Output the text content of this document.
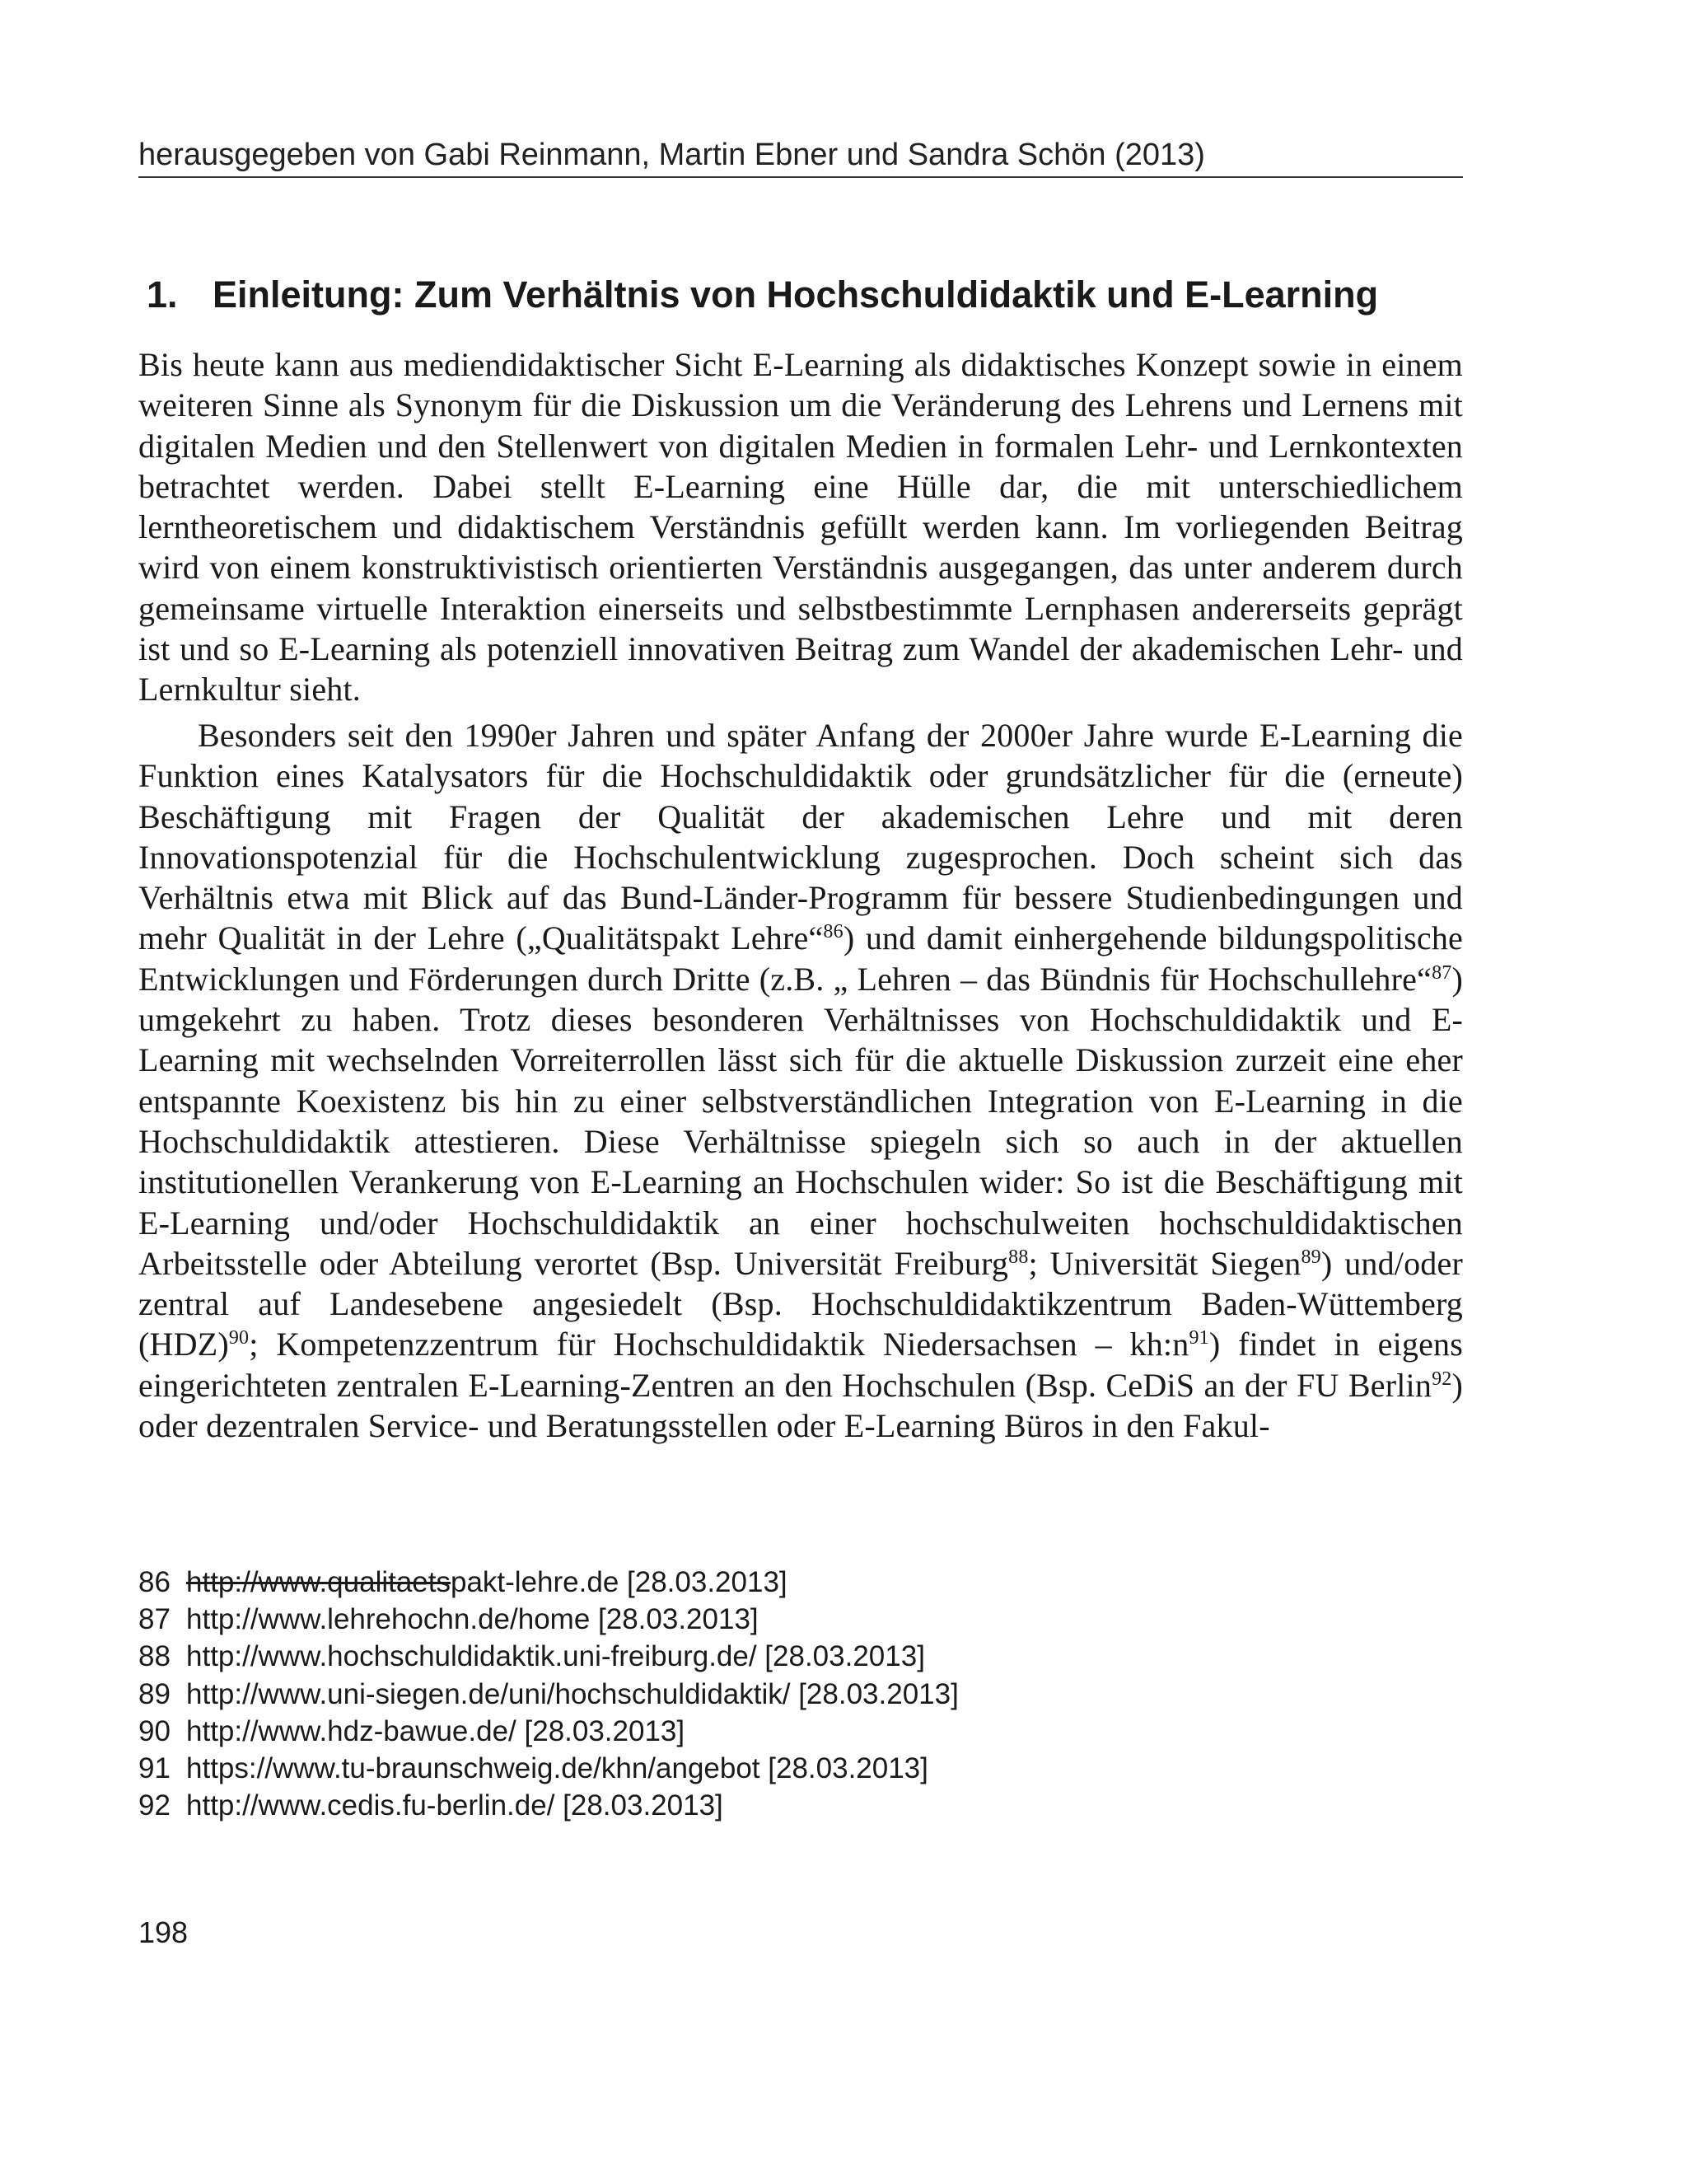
herausgegeben von Gabi Reinmann, Martin Ebner und Sandra Schön (2013)
1. Einleitung: Zum Verhältnis von Hochschuldidaktik und E-Learning

Bis heute kann aus mediendidaktischer Sicht E-Learning als didaktisches Konzept sowie in einem weiteren Sinne als Synonym für die Diskussion um die Veränderung des Lehrens und Lernens mit digitalen Medien und den Stellenwert von digitalen Medien in formalen Lehr- und Lernkontexten betrachtet werden. Dabei stellt E-Learning eine Hülle dar, die mit unterschiedlichem lerntheoretischem und didaktischem Verständnis gefüllt werden kann. Im vorliegenden Beitrag wird von einem konstruktivistisch orientierten Verständnis ausgegangen, das unter anderem durch gemeinsame virtuelle Interaktion einerseits und selbstbestimmte Lernphasen andererseits geprägt ist und so E-Learning als potenziell innovativen Beitrag zum Wandel der akademischen Lehr- und Lernkultur sieht.

Besonders seit den 1990er Jahren und später Anfang der 2000er Jahre wurde E-Learning die Funktion eines Katalysators für die Hochschuldidaktik oder grundsätzlicher für die (erneute) Beschäftigung mit Fragen der Qualität der akademischen Lehre und mit deren Innovationspotenzial für die Hochschulentwicklung zugesprochen. Doch scheint sich das Verhältnis etwa mit Blick auf das Bund-Länder-Programm für bessere Studienbedingungen und mehr Qualität in der Lehre („Qualitätspakt Lehre“$^{86}$) und damit einhergehende bildungspolitische Entwicklungen und Förderungen durch Dritte (z.B. „ Lehren – das Bündnis für Hochschullehre“$^{87}$) umgekehrt zu haben. Trotz dieses besonderen Verhältnisses von Hochschuldidaktik und E-Learning mit wechselnden Vorreiterrollen lässt sich für die aktuelle Diskussion zurzeit eine eher entspannte Koexistenz bis hin zu einer selbstverständlichen Integration von E-Learning in die Hochschuldidaktik attestieren. Diese Verhältnisse spiegeln sich so auch in der aktuellen institutionellen Verankerung von E-Learning an Hochschulen wider: So ist die Beschäftigung mit E-Learning und/oder Hochschuldidaktik an einer hochschulweiten hochschuldidaktischen Arbeitsstelle oder Abteilung verortet (Bsp. Universität Freiburg$^{88}$; Universität Siegen$^{89}$) und/oder zentral auf Landesebene angesiedelt (Bsp. Hochschuldidaktikzentrum Baden-Wüttemberg (HDZ)$^{90}$; Kompetenzzentrum für Hochschuldidaktik Niedersachsen – $kh:n^{91}$) findet in eigens eingerichteten zentralen E-Learning-Zentren an den Hochschulen (Bsp. CeDiS an der FU Berlin$^{92}$) oder dezentralen Service- und Beratungsstellen oder E-Learning Büros in den Fakul-

86 http://www.qualitaets pakt-lehre.de [28.03.2013]
87 http://www.lehrehochn.de/home [28.03.2013]
88 http://www.hochschuldidaktik.uni-freiburg.de/ [28.03.2013]
89 http://www.uni-siegen.de/uni/hochschuldidaktik/ [28.03.2013]
90 http://www.hdz-bawue.de/ [28.03.2013]
91 https://www.tu-braunschweig.de/khn/angebot [28.03.2013]
92 http://www.cedis.fu-berlin.de/ [28.03.2013]
198
